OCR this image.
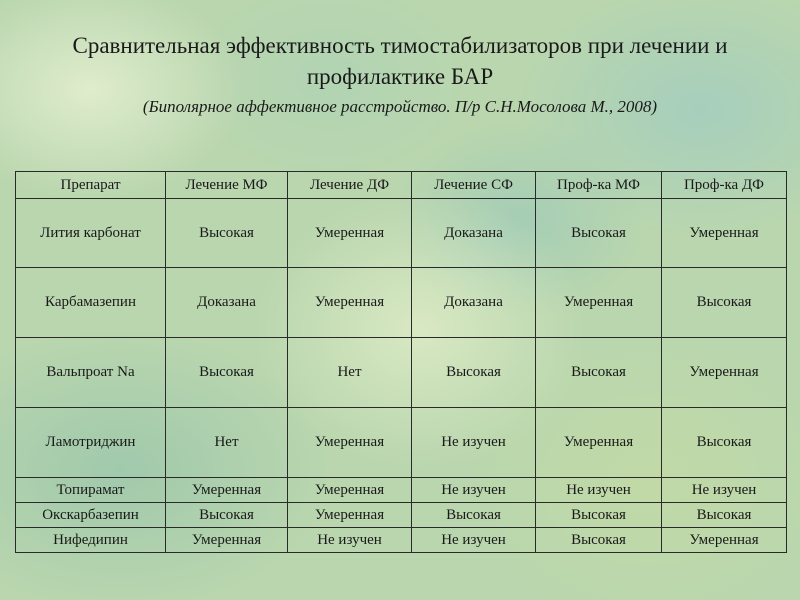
Сравнительная эффективность тимостабилизаторов при лечении и
профилактике БАР
(Биполярное аффективное расстройство. П/р С.Н.Мосолова М., 2008)
Препарат	Лечение МФ	Лечение ДФ	Лечение СФ	Проф-ка МФ	Проф-ка ДФ
Лития карбонат	Высокая	Умеренная	Доказана	Высокая	Умеренная
Карбамазепин	Доказана	Умеренная	Доказана	Умеренная	Высокая
Вальпроат Na	Высокая	Нет	Высокая	Высокая	Умеренная
Ламотриджин	Нет	Умеренная	Не изучен	Умеренная	Высокая
Топирамат	Умеренная	Умеренная	Не изучен	Не изучен	Не изучен
Окскарбазепин	Высокая	Умеренная	Высокая	Высокая	Высокая
Нифедипин	Умеренная	Не изучен	Не изучен	Высокая	Умеренная
